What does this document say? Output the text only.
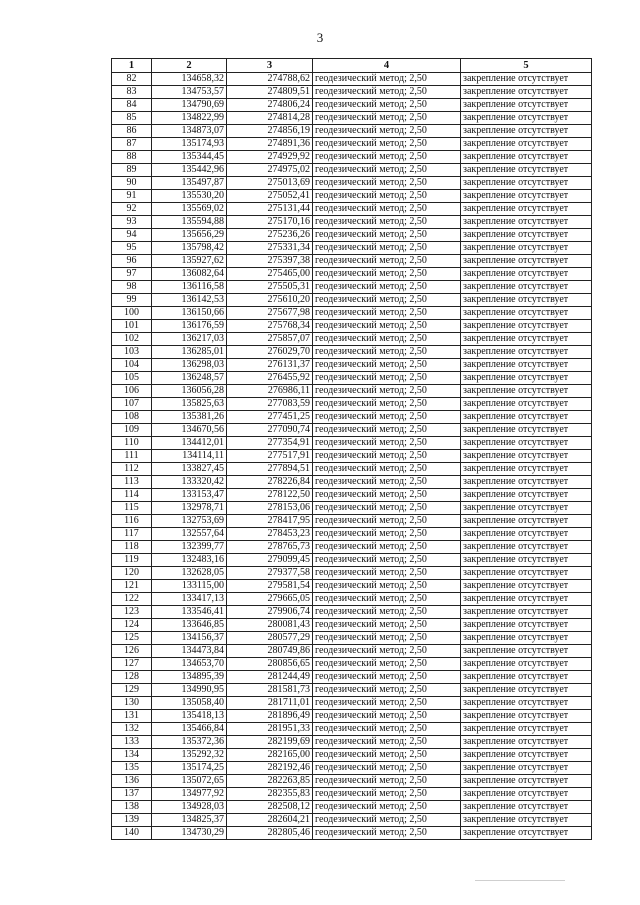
3
1	2	3	4	5
82	134658,32	274788,62	геодезический метод; 2,50	закрепление отсутствует
83	134753,57	274809,51	геодезический метод; 2,50	закрепление отсутствует
84	134790,69	274806,24	геодезический метод; 2,50	закрепление отсутствует
85	134822,99	274814,28	геодезический метод; 2,50	закрепление отсутствует
86	134873,07	274856,19	геодезический метод; 2,50	закрепление отсутствует
87	135174,93	274891,36	геодезический метод; 2,50	закрепление отсутствует
88	135344,45	274929,92	геодезический метод; 2,50	закрепление отсутствует
89	135442,96	274975,02	геодезический метод; 2,50	закрепление отсутствует
90	135497,87	275013,69	геодезический метод; 2,50	закрепление отсутствует
91	135530,20	275052,41	геодезический метод; 2,50	закрепление отсутствует
92	135569,02	275131,44	геодезический метод; 2,50	закрепление отсутствует
93	135594,88	275170,16	геодезический метод; 2,50	закрепление отсутствует
94	135656,29	275236,26	геодезический метод; 2,50	закрепление отсутствует
95	135798,42	275331,34	геодезический метод; 2,50	закрепление отсутствует
96	135927,62	275397,38	геодезический метод; 2,50	закрепление отсутствует
97	136082,64	275465,00	геодезический метод; 2,50	закрепление отсутствует
98	136116,58	275505,31	геодезический метод; 2,50	закрепление отсутствует
99	136142,53	275610,20	геодезический метод; 2,50	закрепление отсутствует
100	136150,66	275677,98	геодезический метод; 2,50	закрепление отсутствует
101	136176,59	275768,34	геодезический метод; 2,50	закрепление отсутствует
102	136217,03	275857,07	геодезический метод; 2,50	закрепление отсутствует
103	136285,01	276029,70	геодезический метод; 2,50	закрепление отсутствует
104	136298,03	276131,37	геодезический метод; 2,50	закрепление отсутствует
105	136248,57	276455,92	геодезический метод; 2,50	закрепление отсутствует
106	136056,28	276986,11	геодезический метод; 2,50	закрепление отсутствует
107	135825,63	277083,59	геодезический метод; 2,50	закрепление отсутствует
108	135381,26	277451,25	геодезический метод; 2,50	закрепление отсутствует
109	134670,56	277090,74	геодезический метод; 2,50	закрепление отсутствует
110	134412,01	277354,91	геодезический метод; 2,50	закрепление отсутствует
111	134114,11	277517,91	геодезический метод; 2,50	закрепление отсутствует
112	133827,45	277894,51	геодезический метод; 2,50	закрепление отсутствует
113	133320,42	278226,84	геодезический метод; 2,50	закрепление отсутствует
114	133153,47	278122,50	геодезический метод; 2,50	закрепление отсутствует
115	132978,71	278153,06	геодезический метод; 2,50	закрепление отсутствует
116	132753,69	278417,95	геодезический метод; 2,50	закрепление отсутствует
117	132557,64	278453,23	геодезический метод; 2,50	закрепление отсутствует
118	132399,77	278765,73	геодезический метод; 2,50	закрепление отсутствует
119	132483,16	279099,45	геодезический метод; 2,50	закрепление отсутствует
120	132628,05	279377,58	геодезический метод; 2,50	закрепление отсутствует
121	133115,00	279581,54	геодезический метод; 2,50	закрепление отсутствует
122	133417,13	279665,05	геодезический метод; 2,50	закрепление отсутствует
123	133546,41	279906,74	геодезический метод; 2,50	закрепление отсутствует
124	133646,85	280081,43	геодезический метод; 2,50	закрепление отсутствует
125	134156,37	280577,29	геодезический метод; 2,50	закрепление отсутствует
126	134473,84	280749,86	геодезический метод; 2,50	закрепление отсутствует
127	134653,70	280856,65	геодезический метод; 2,50	закрепление отсутствует
128	134895,39	281244,49	геодезический метод; 2,50	закрепление отсутствует
129	134990,95	281581,73	геодезический метод; 2,50	закрепление отсутствует
130	135058,40	281711,01	геодезический метод; 2,50	закрепление отсутствует
131	135418,13	281896,49	геодезический метод; 2,50	закрепление отсутствует
132	135466,84	281951,33	геодезический метод; 2,50	закрепление отсутствует
133	135372,36	282199,69	геодезический метод; 2,50	закрепление отсутствует
134	135292,32	282165,00	геодезический метод; 2,50	закрепление отсутствует
135	135174,25	282192,46	геодезический метод; 2,50	закрепление отсутствует
136	135072,65	282263,85	геодезический метод; 2,50	закрепление отсутствует
137	134977,92	282355,83	геодезический метод; 2,50	закрепление отсутствует
138	134928,03	282508,12	геодезический метод; 2,50	закрепление отсутствует
139	134825,37	282604,21	геодезический метод; 2,50	закрепление отсутствует
140	134730,29	282805,46	геодезический метод; 2,50	закрепление отсутствует
